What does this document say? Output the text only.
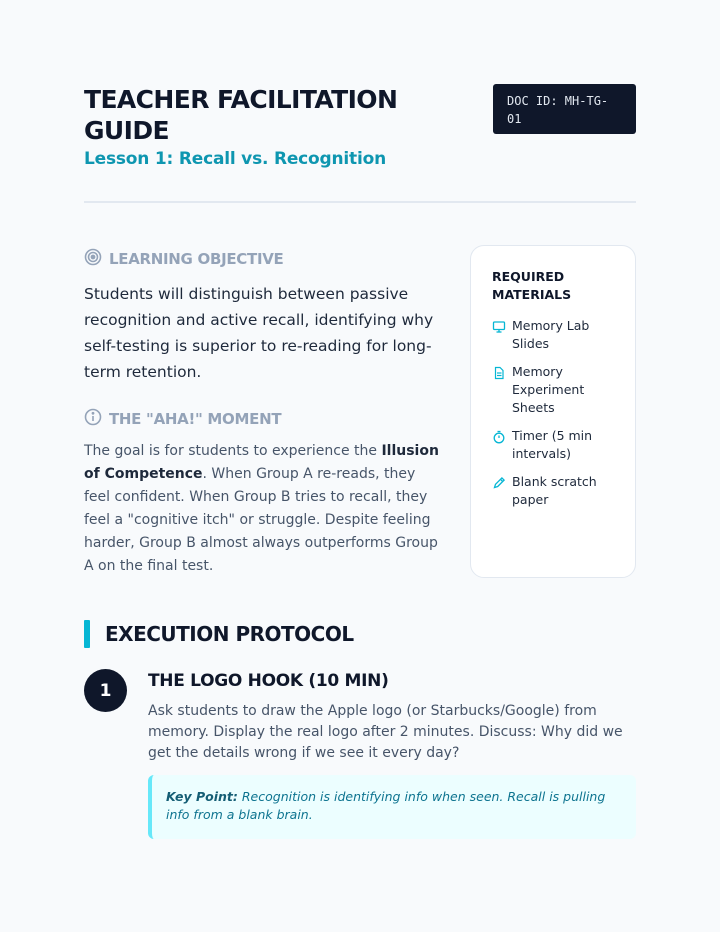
TEACHER FACILITATION GUIDE
Lesson 1: Recall vs. Recognition
DOC ID: MH-TG-01
LEARNING OBJECTIVE

Students will distinguish between passive recognition and active recall, identifying why self-testing is superior to re-reading for long-term retention.

THE "AHA!" MOMENT

The goal is for students to experience the Illusion of Competence. When Group A re-reads, they feel confident. When Group B tries to recall, they feel a "cognitive itch" or struggle. Despite feeling harder, Group B almost always outperforms Group A on the final test.

REQUIRED MATERIALS
Memory Lab Slides
Memory Experiment Sheets
Timer (5 min intervals)
Blank scratch paper
EXECUTION PROTOCOL
1	THE LOGO HOOK (10 MIN)

Ask students to draw the Apple logo (or Starbucks/Google) from memory. Display the real logo after 2 minutes. Discuss: Why did we get the details wrong if we see it every day?

Key Point: Recognition is identifying info when seen. Recall is pulling info from a blank brain.
